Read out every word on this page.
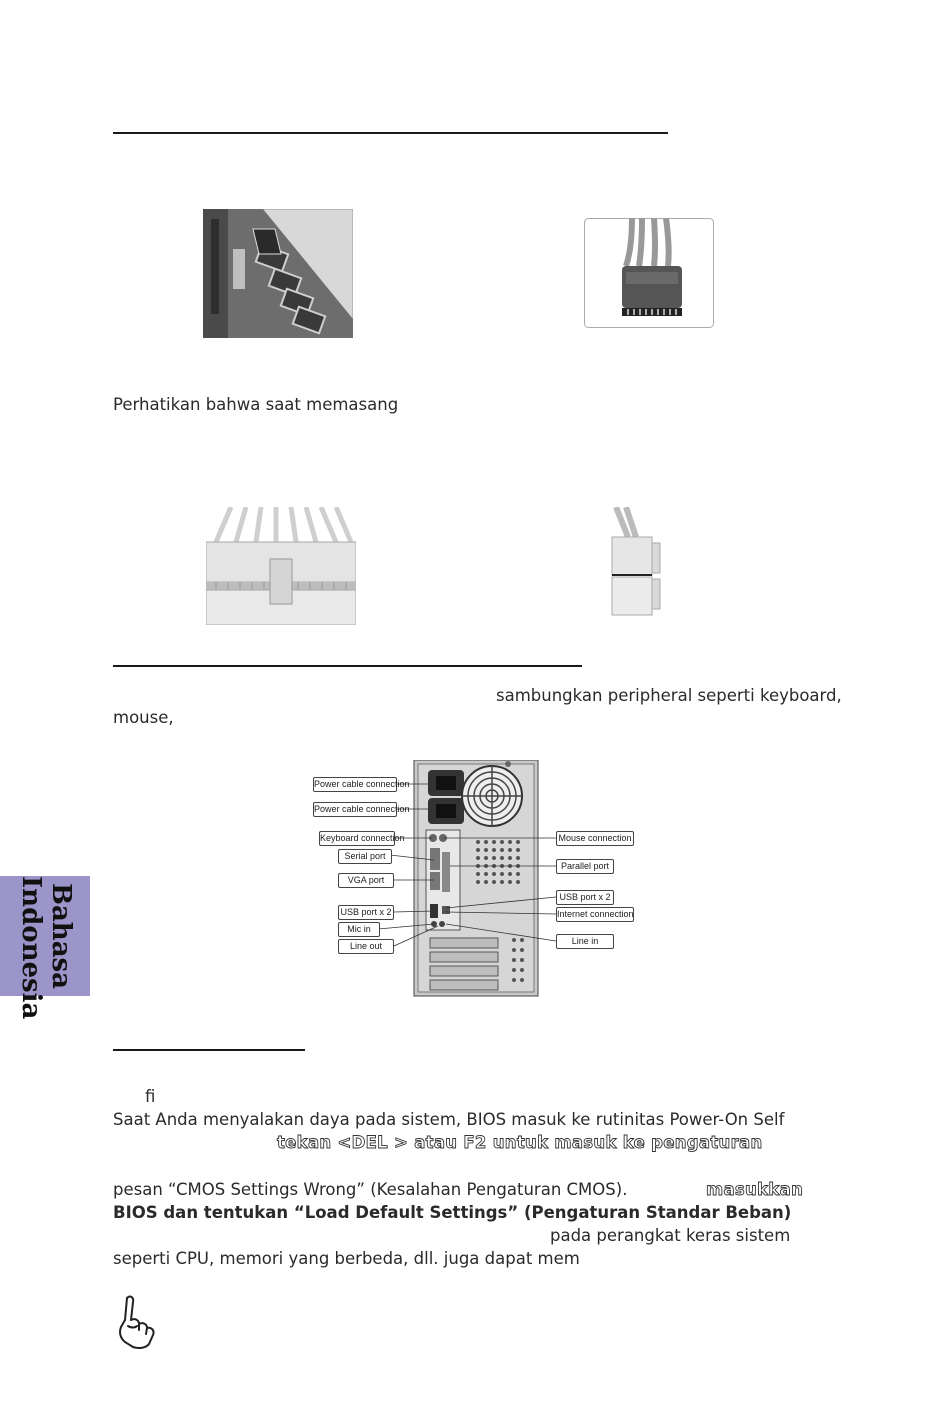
Perhatikan bahwa saat memasang
sambungkan peripheral seperti keyboard,
mouse,
Power cable connection
Power cable connection
Keyboard connection
Serial port
VGA port
USB port x 2
Mic in
Line out
Mouse connection
Parallel port
USB port x 2
Internet connection
Line in
Bahasa
Indonesia
fi
Saat Anda menyalakan daya pada sistem, BIOS masuk ke rutinitas Power-On Self
tekan <DEL > atau F2 untuk masuk ke pengaturan
pesan “CMOS Settings Wrong” (Kesalahan Pengaturan CMOS).	masukkan
BIOS dan tentukan “Load Default Settings” (Pengaturan Standar Beban)
pada perangkat keras sistem
seperti CPU, memori yang berbeda, dll. juga dapat mem
